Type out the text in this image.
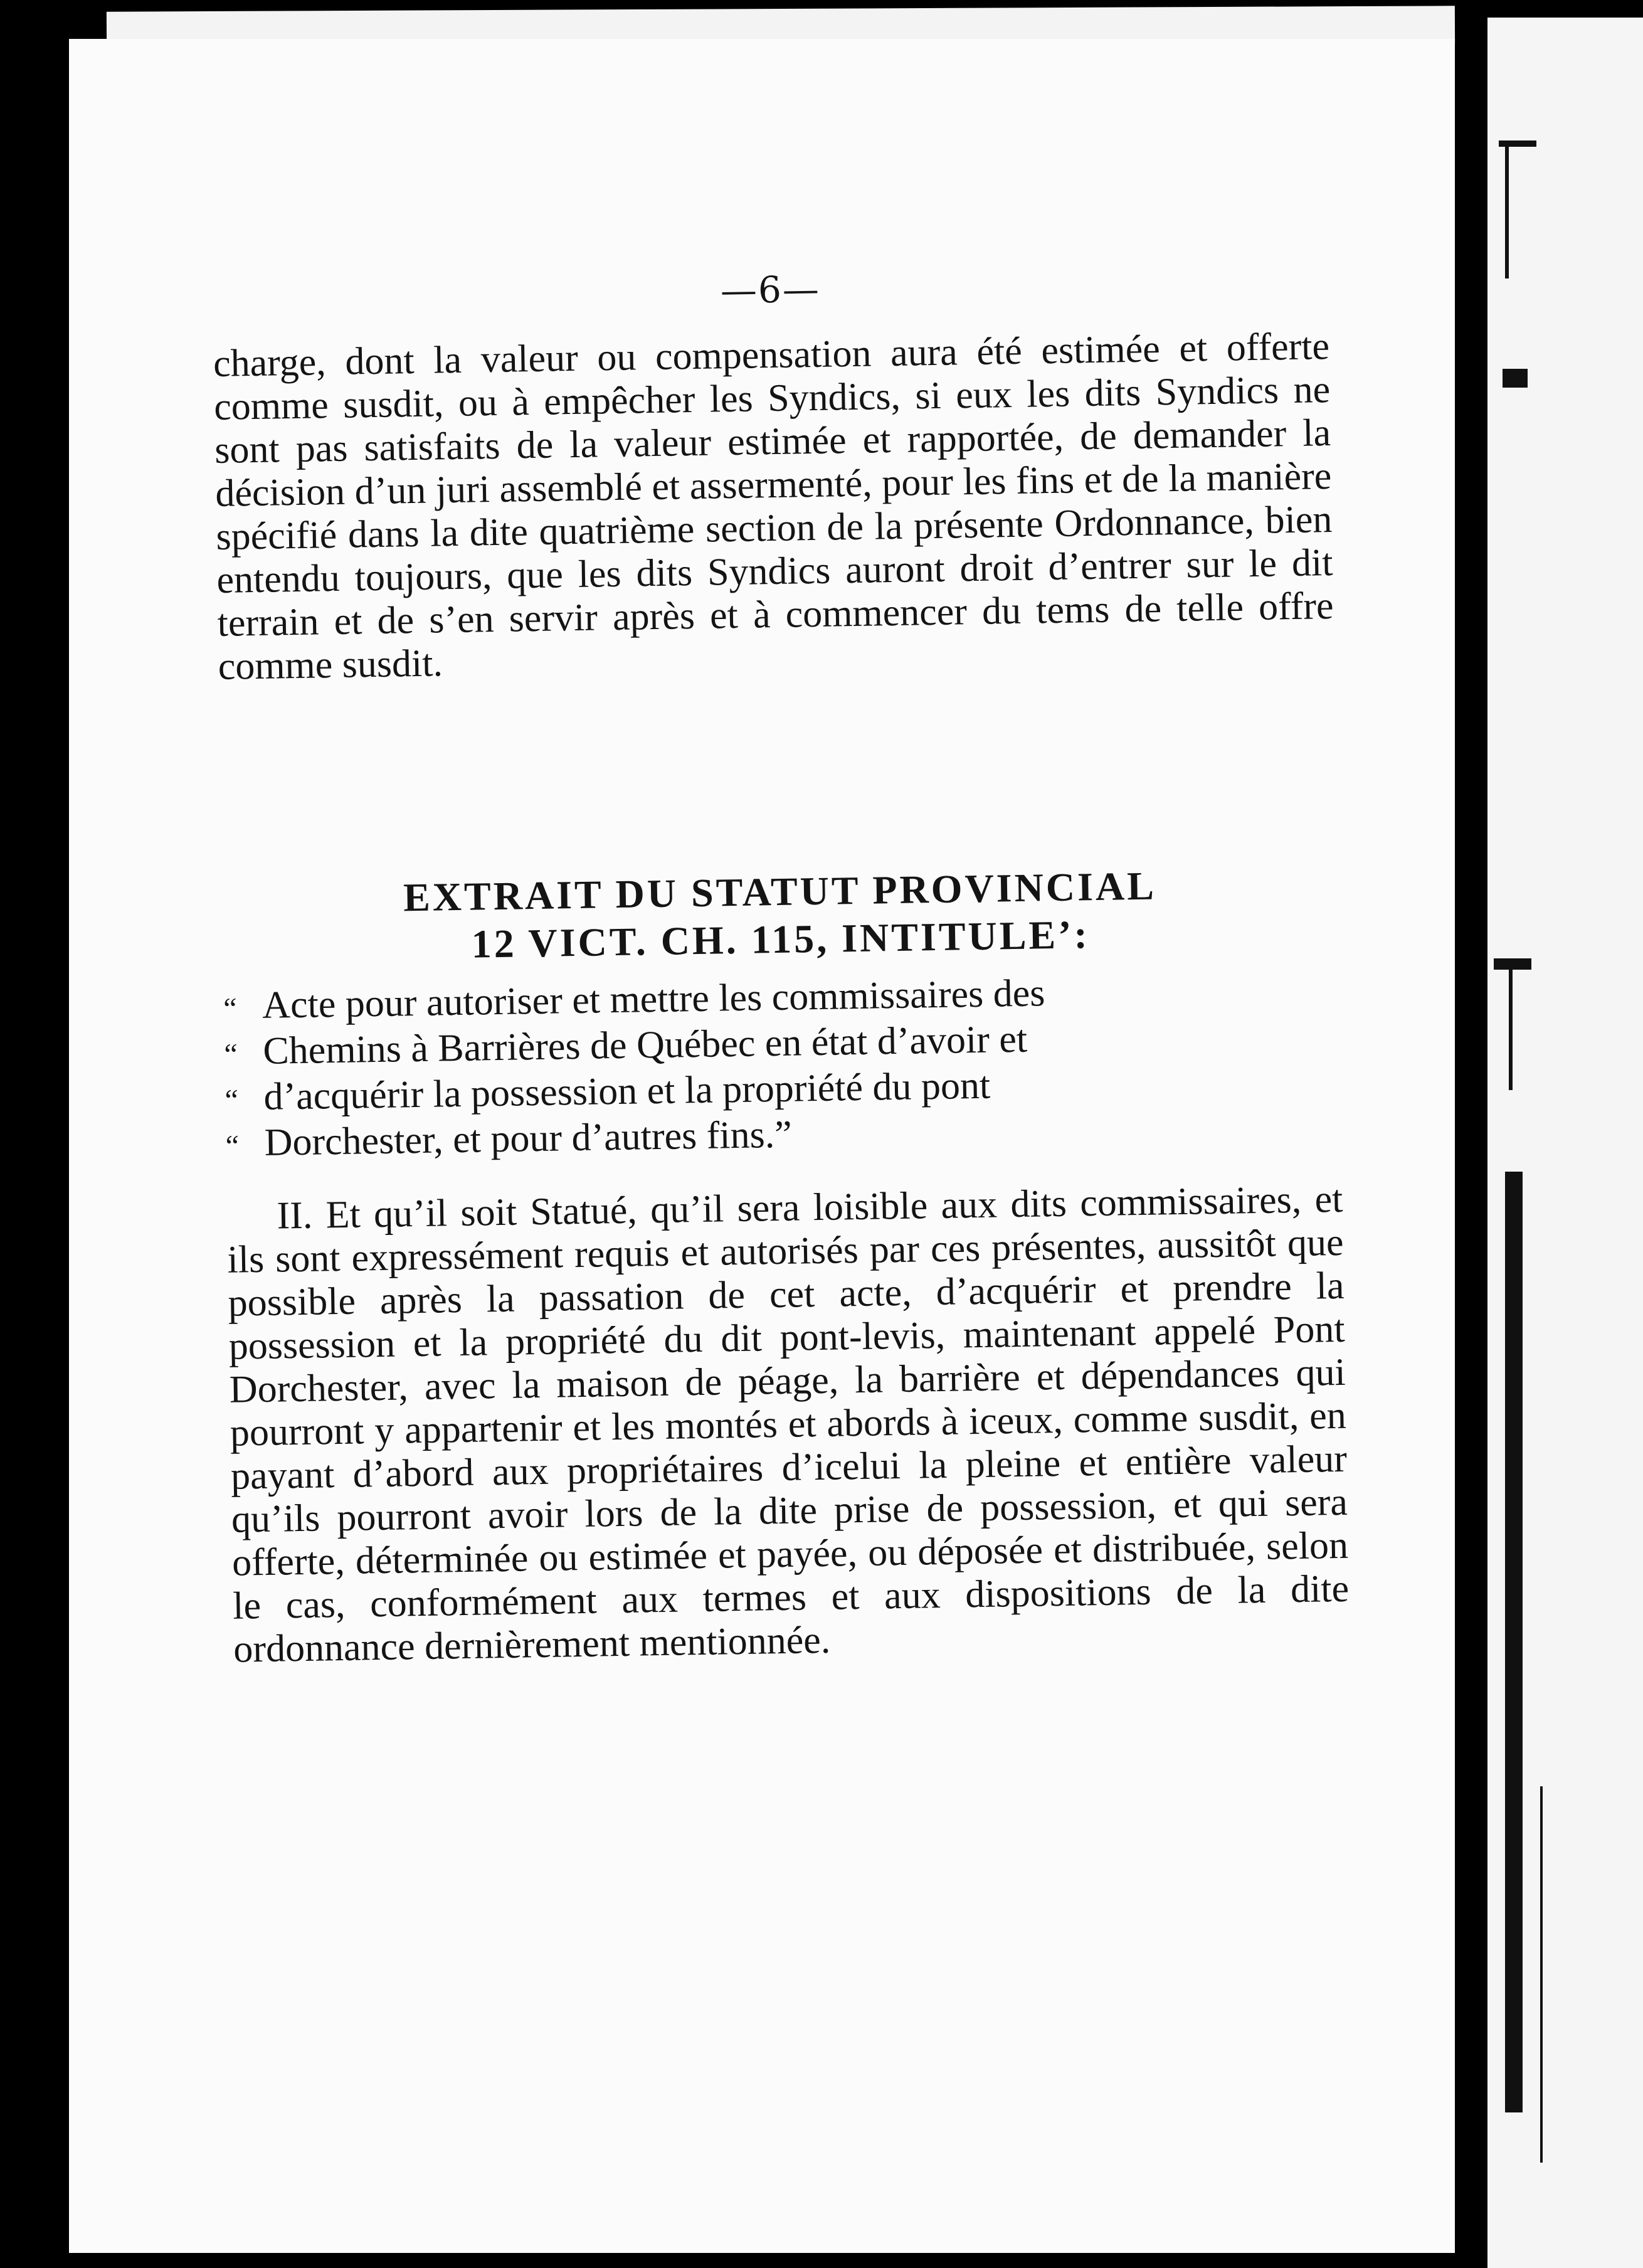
—6—

charge, dont la valeur ou compensation aura été estimée et offerte comme susdit, ou à empêcher les Syndics, si eux les dits Syndics ne sont pas satisfaits de la valeur estimée et rapportée, de demander la décision d’un juri assemblé et assermenté, pour les fins et de la manière spécifié dans la dite quatrième section de la présente Ordonnance, bien entendu toujours, que les dits Syndics auront droit d’entrer sur le dit terrain et de s’en servir après et à commencer du tems de telle offre comme susdit.

EXTRAIT DU STATUT PROVINCIAL

12 VICT. CH. 115, INTITULE’:

“ Acte pour autoriser et mettre les commissaires des
“ Chemins à Barrières de Québec en état d’avoir et
“ d’acquérir la possession et la propriété du pont
“ Dorchester, et pour d’autres fins.”

II. Et qu’il soit Statué, qu’il sera loisible aux dits commissaires, et ils sont expressément requis et autorisés par ces présentes, aussitôt que possible après la passation de cet acte, d’acquérir et prendre la possession et la propriété du dit pont-levis, maintenant appelé Pont Dorchester, avec la maison de péage, la barrière et dépendances qui pourront y appartenir et les montés et abords à iceux, comme susdit, en payant d’abord aux propriétaires d’icelui la pleine et entière valeur qu’ils pourront avoir lors de la dite prise de possession, et qui sera offerte, déterminée ou estimée et payée, ou déposée et distribuée, selon le cas, conformément aux termes et aux dispositions de la dite ordonnance dernièrement mentionnée.
